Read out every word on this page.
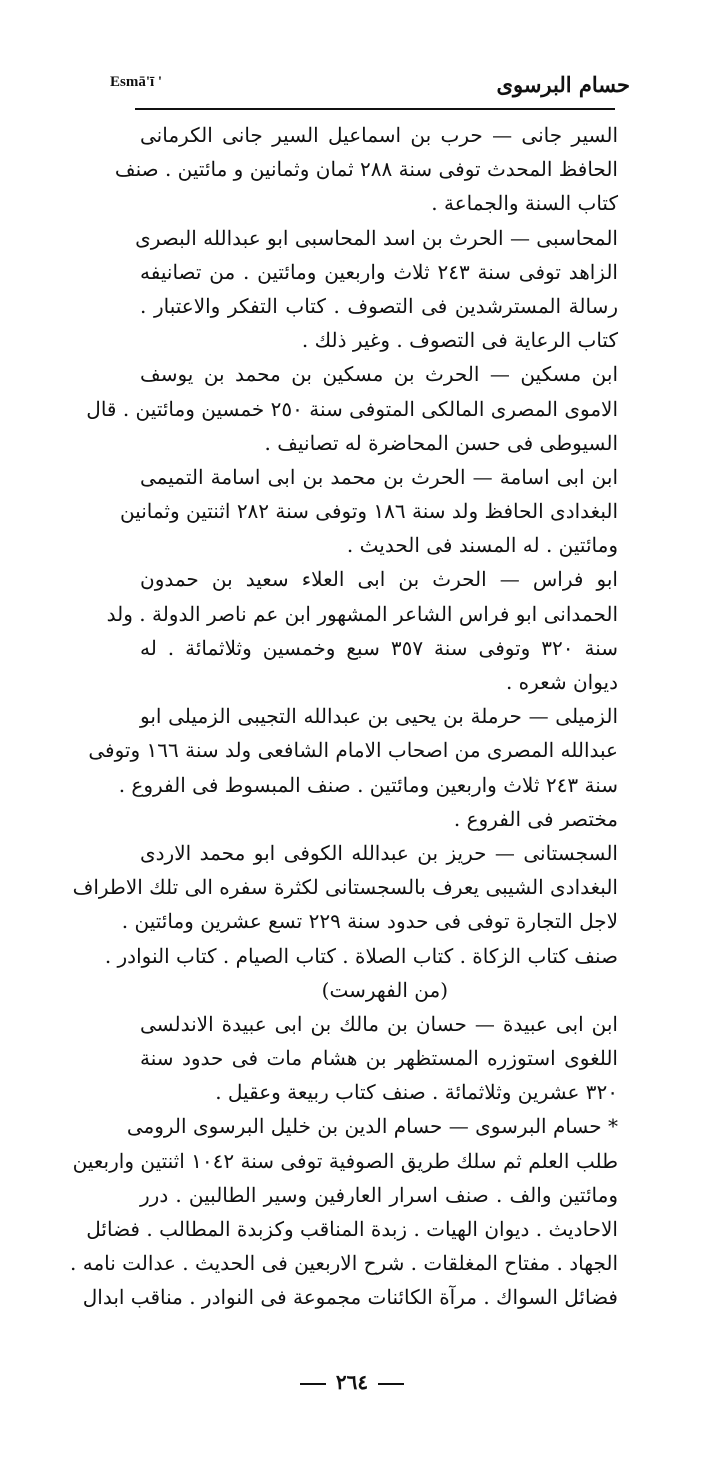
حسام البرسوى
Esmā'ī '
السير جانى — حرب بن اسماعيل السير جانى الكرمانى
الحافظ المحدث توفى سنة ٢٨٨ ثمان وثمانين و مائتين . صنف
كتاب السنة والجماعة .
المحاسبى — الحرث بن اسد المحاسبى ابو عبدالله البصرى
الزاهد توفى سنة ٢٤٣ ثلاث واربعين ومائتين . من تصانيفه
رسالة المسترشدين فى التصوف . كتاب التفكر والاعتبار .
كتاب الرعاية فى التصوف . وغير ذلك .
ابن مسكين — الحرث بن مسكين بن محمد بن يوسف
الاموى المصرى المالكى المتوفى سنة ٢٥٠ خمسين ومائتين . قال
السيوطى فى حسن المحاضرة له تصانيف .
ابن ابى اسامة — الحرث بن محمد بن ابى اسامة التميمى
البغدادى الحافظ ولد سنة ١٨٦ وتوفى سنة ٢٨٢ اثنتين وثمانين
ومائتين . له المسند فى الحديث .
ابو فراس — الحرث بن ابى العلاء سعيد بن حمدون
الحمدانى ابو فراس الشاعر المشهور ابن عم ناصر الدولة . ولد
سنة ٣٢٠ وتوفى سنة ٣٥٧ سبع وخمسين وثلاثمائة . له
ديوان شعره .
الزميلى — حرملة بن يحيى بن عبدالله التجيبى الزميلى ابو
عبدالله المصرى من اصحاب الامام الشافعى ولد سنة ١٦٦ وتوفى
سنة ٢٤٣ ثلاث واربعين ومائتين . صنف المبسوط فى الفروع .
مختصر فى الفروع .
السجستانى — حريز بن عبدالله الكوفى ابو محمد الاردى
البغدادى الشيبى يعرف بالسجستانى لكثرة سفره الى تلك الاطراف
لاجل التجارة توفى فى حدود سنة ٢٢٩ تسع عشرين ومائتين .
صنف كتاب الزكاة . كتاب الصلاة . كتاب الصيام . كتاب النوادر .
(من الفهرست)
ابن ابى عبيدة — حسان بن مالك بن ابى عبيدة الاندلسى
اللغوى استوزره المستظهر بن هشام مات فى حدود سنة
٣٢٠ عشرين وثلاثمائة . صنف كتاب ربيعة وعقيل .
* حسام البرسوى — حسام الدين بن خليل البرسوى الرومى
طلب العلم ثم سلك طريق الصوفية توفى سنة ١٠٤٢ اثنتين واربعين
ومائتين والف . صنف اسرار العارفين وسير الطالبين . درر
الاحاديث . ديوان الهيات . زبدة المناقب وكزبدة المطالب . فضائل
الجهاد . مفتاح المغلقات . شرح الاربعين فى الحديث . عدالت نامه .
فضائل السواك . مرآة الكائنات مجموعة فى النوادر . مناقب ابدال
٢٦٤
